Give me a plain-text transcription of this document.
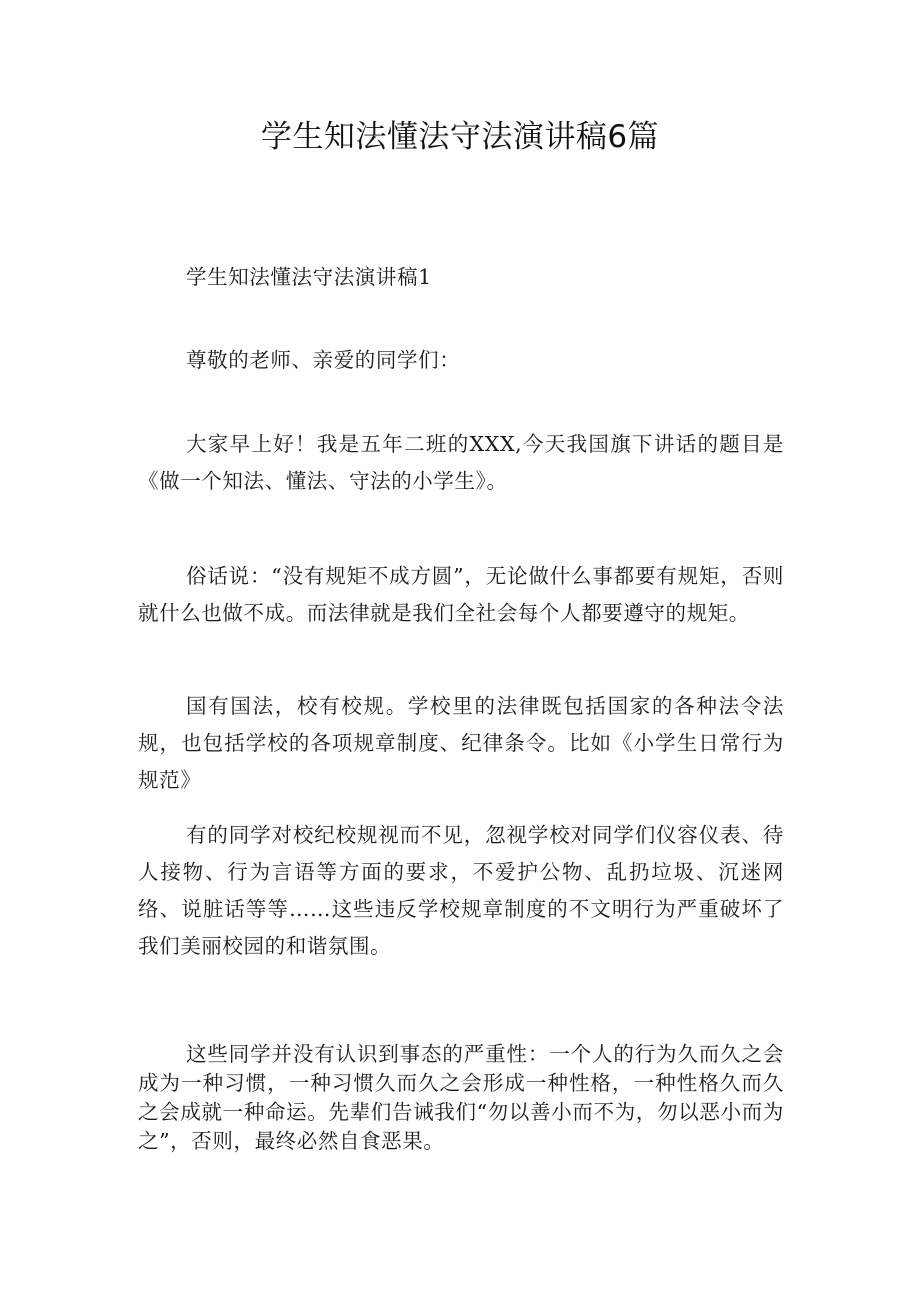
学生知法懂法守法演讲稿6篇

学生知法懂法守法演讲稿1

尊敬的老师、亲爱的同学们：

大家早上好！我是五年二班的XXX,今天我国旗下讲话的题目是《做一个知法、懂法、守法的小学生》。

俗话说：“没有规矩不成方圆”，无论做什么事都要有规矩，否则就什么也做不成。而法律就是我们全社会每个人都要遵守的规矩。

国有国法，校有校规。学校里的法律既包括国家的各种法令法规，也包括学校的各项规章制度、纪律条令。比如《小学生日常行为规范》

有的同学对校纪校规视而不见，忽视学校对同学们仪容仪表、待人接物、行为言语等方面的要求，不爱护公物、乱扔垃圾、沉迷网络、说脏话等等……这些违反学校规章制度的不文明行为严重破坏了我们美丽校园的和谐氛围。

这些同学并没有认识到事态的严重性：一个人的行为久而久之会成为一种习惯，一种习惯久而久之会形成一种性格，一种性格久而久之会成就一种命运。先辈们告诫我们“勿以善小而不为，勿以恶小而为之”，否则，最终必然自食恶果。
